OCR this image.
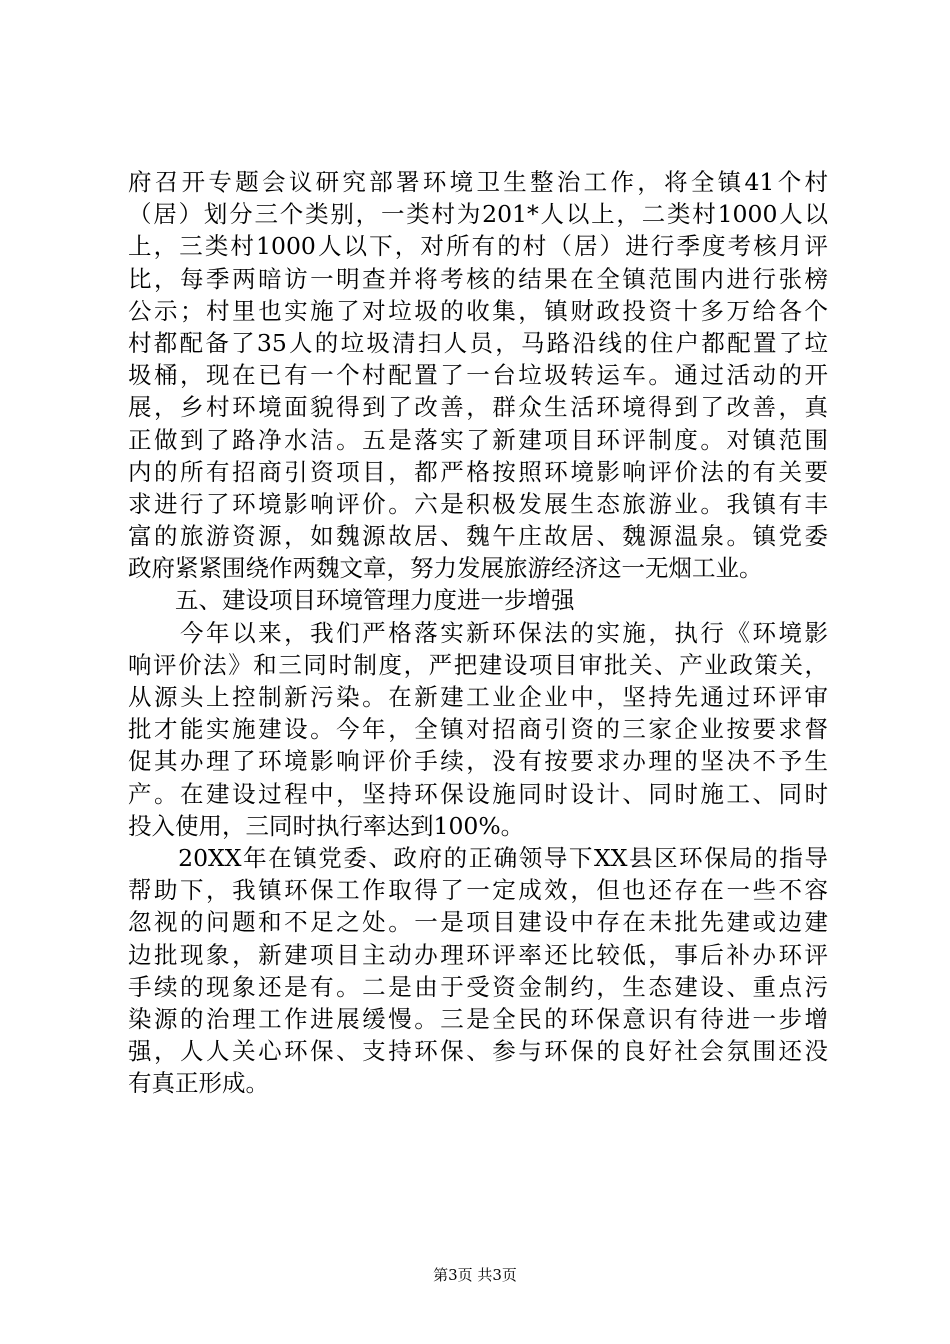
府召开专题会议研究部署环境卫生整治工作，将全镇41个村
（居）划分三个类别，一类村为201*人以上，二类村1000人以
上，三类村1000人以下，对所有的村（居）进行季度考核月评
比，每季两暗访一明查并将考核的结果在全镇范围内进行张榜
公示；村里也实施了对垃圾的收集，镇财政投资十多万给各个
村都配备了35人的垃圾清扫人员，马路沿线的住户都配置了垃
圾桶，现在已有一个村配置了一台垃圾转运车。通过活动的开
展，乡村环境面貌得到了改善，群众生活环境得到了改善，真
正做到了路净水洁。五是落实了新建项目环评制度。对镇范围
内的所有招商引资项目，都严格按照环境影响评价法的有关要
求进行了环境影响评价。六是积极发展生态旅游业。我镇有丰
富的旅游资源，如魏源故居、魏午庄故居、魏源温泉。镇党委
政府紧紧围绕作两魏文章，努力发展旅游经济这一无烟工业。
　　五、建设项目环境管理力度进一步增强
　　今年以来，我们严格落实新环保法的实施，执行《环境影
响评价法》和三同时制度，严把建设项目审批关、产业政策关，
从源头上控制新污染。在新建工业企业中，坚持先通过环评审
批才能实施建设。今年，全镇对招商引资的三家企业按要求督
促其办理了环境影响评价手续，没有按要求办理的坚决不予生
产。在建设过程中，坚持环保设施同时设计、同时施工、同时
投入使用，三同时执行率达到100%。
　　20XX年在镇党委、政府的正确领导下XX县区环保局的指导
帮助下，我镇环保工作取得了一定成效，但也还存在一些不容
忽视的问题和不足之处。一是项目建设中存在未批先建或边建
边批现象，新建项目主动办理环评率还比较低，事后补办环评
手续的现象还是有。二是由于受资金制约，生态建设、重点污
染源的治理工作进展缓慢。三是全民的环保意识有待进一步增
强，人人关心环保、支持环保、参与环保的良好社会氛围还没
有真正形成。
第3页 共3页
